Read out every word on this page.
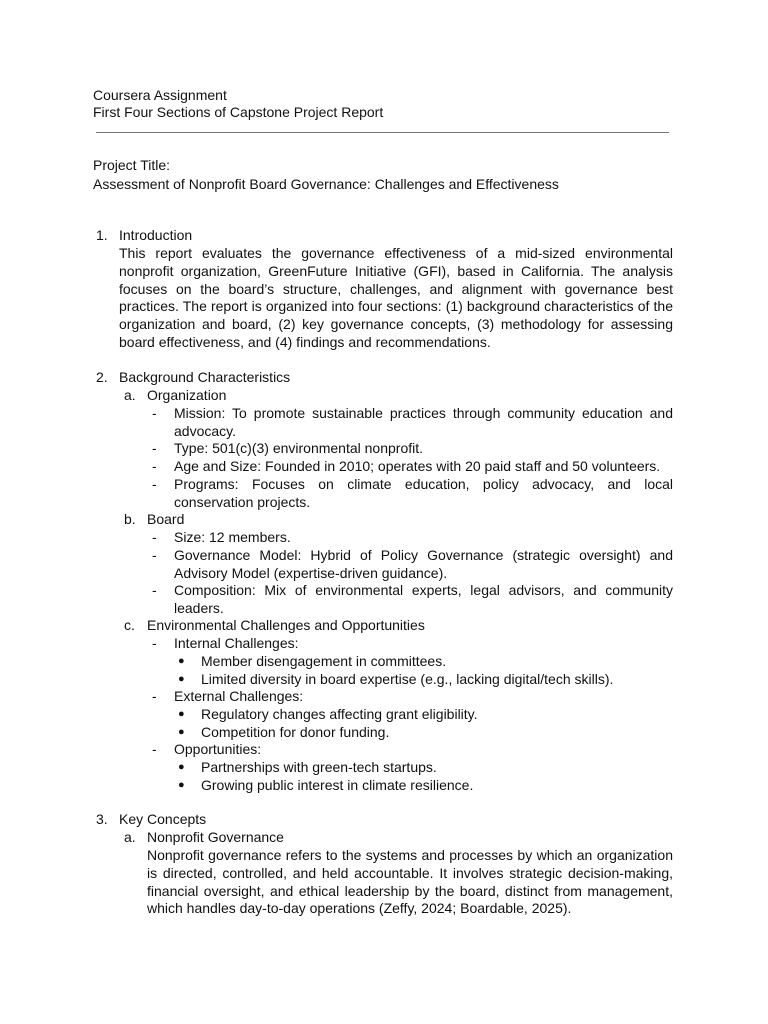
Coursera Assignment
First Four Sections of Capstone Project Report
Project Title:
Assessment of Nonprofit Board Governance: Challenges and Effectiveness
1. Introduction
This report evaluates the governance effectiveness of a mid-sized environmental nonprofit organization, GreenFuture Initiative (GFI), based in California. The analysis focuses on the board’s structure, challenges, and alignment with governance best practices. The report is organized into four sections: (1) background characteristics of the organization and board, (2) key governance concepts, (3) methodology for assessing board effectiveness, and (4) findings and recommendations.
2. Background Characteristics
a. Organization
- Mission: To promote sustainable practices through community education and advocacy.
- Type: 501(c)(3) environmental nonprofit.
- Age and Size: Founded in 2010; operates with 20 paid staff and 50 volunteers.
- Programs: Focuses on climate education, policy advocacy, and local conservation projects.
b. Board
- Size: 12 members.
- Governance Model: Hybrid of Policy Governance (strategic oversight) and Advisory Model (expertise-driven guidance).
- Composition: Mix of environmental experts, legal advisors, and community leaders.
c. Environmental Challenges and Opportunities
- Internal Challenges:
● Member disengagement in committees.
● Limited diversity in board expertise (e.g., lacking digital/tech skills).
- External Challenges:
● Regulatory changes affecting grant eligibility.
● Competition for donor funding.
- Opportunities:
● Partnerships with green-tech startups.
● Growing public interest in climate resilience.
3. Key Concepts
a. Nonprofit Governance
Nonprofit governance refers to the systems and processes by which an organization is directed, controlled, and held accountable. It involves strategic decision-making, financial oversight, and ethical leadership by the board, distinct from management, which handles day-to-day operations (Zeffy, 2024; Boardable, 2025).
